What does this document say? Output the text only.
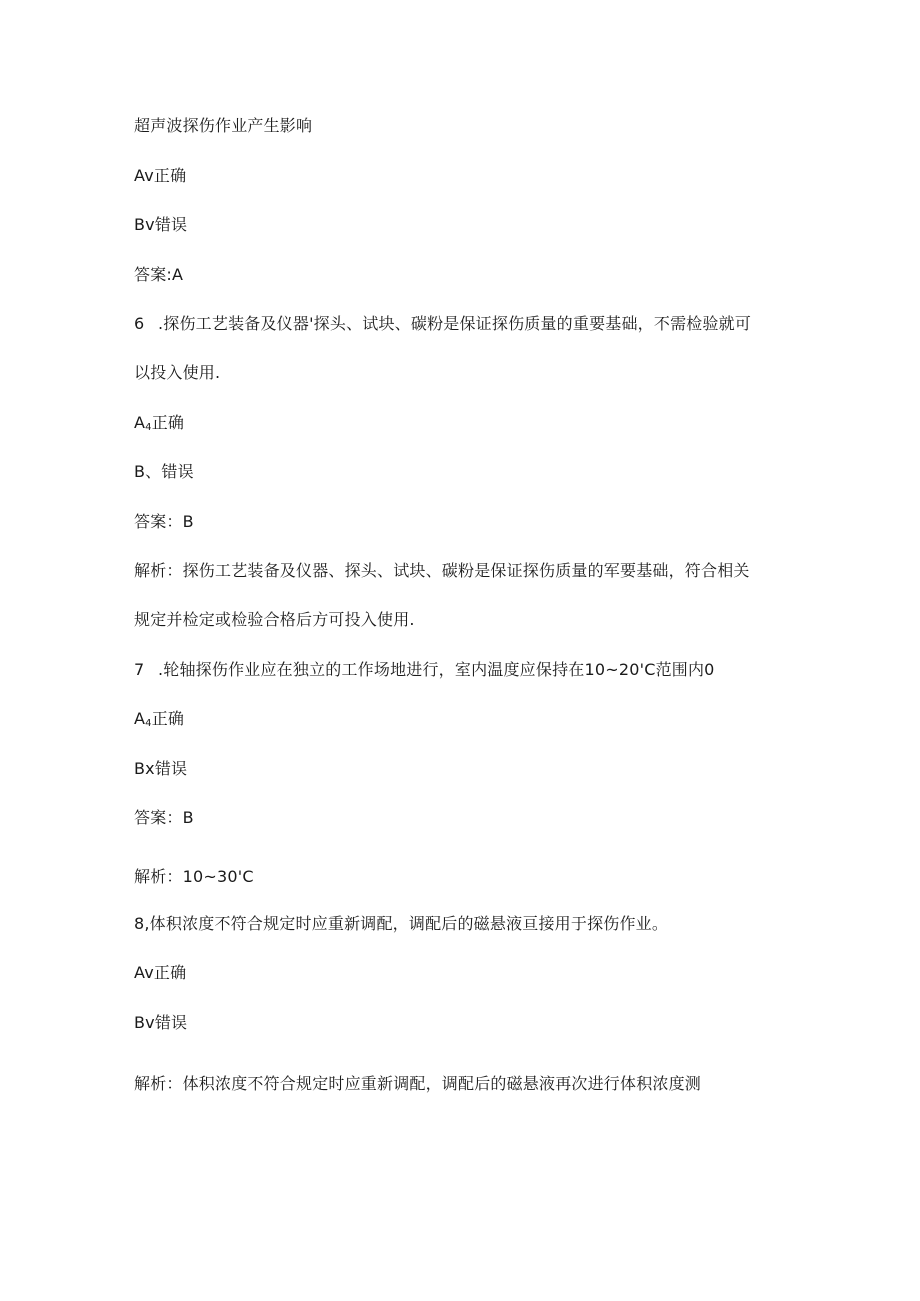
超声波探伤作业产生影响
Av正确
Bv错误
答案:A
6 .探伤工艺装备及仪器'探头、试块、碳粉是保证探伤质量的重要基础，不需检验就可
以投入使用.
$A_4$正确
B、错误
答案：B
解析：探伤工艺装备及仪器、探头、试块、碳粉是保证探伤质量的军要基础，符合相关
规定并检定或检验合格后方可投入使用.
7 .轮轴探伤作业应在独立的工作场地进行，室内温度应保持在10~20'C范围内0
$A_4$正确
Bx错误
答案：B
解析：10~30'C
8,体积浓度不符合规定时应重新调配，调配后的磁悬液亘接用于探伤作业。
Av正确
Bv错误
解析：体积浓度不符合规定时应重新调配，调配后的磁悬液再次进行体积浓度测
